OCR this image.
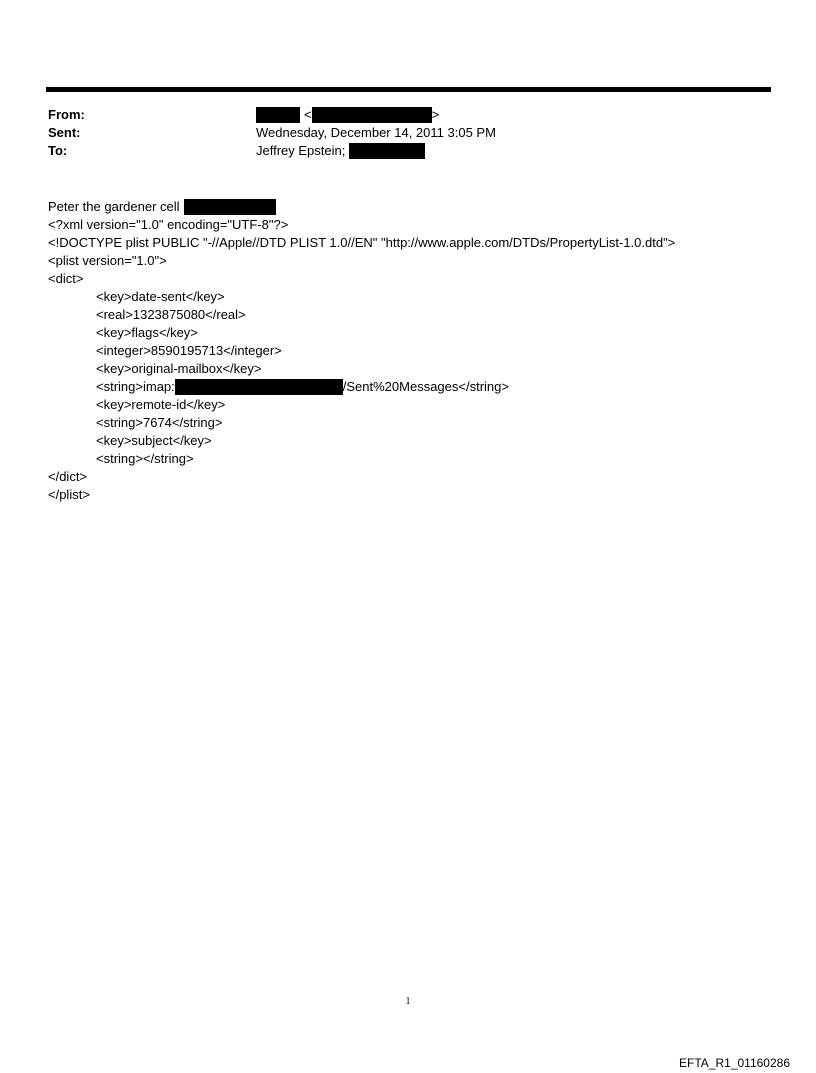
From:	<	>
Sent:	Wednesday, December 14, 2011 3:05 PM
To:	Jeffrey Epstein;
Peter the gardener cell
<?xml version="1.0" encoding="UTF-8"?>
<!DOCTYPE plist PUBLIC "-//Apple//DTD PLIST 1.0//EN" "http://www.apple.com/DTDs/PropertyList-1.0.dtd">
<plist version="1.0">
<dict>
<key>date-sent</key>
<real>1323875080</real>
<key>flags</key>
<integer>8590195713</integer>
<key>original-mailbox</key>
<string>imap:	/Sent%20Messages</string>
<key>remote-id</key>
<string>7674</string>
<key>subject</key>
<string></string>
</dict>
</plist>
1
EFTA_R1_01160286
